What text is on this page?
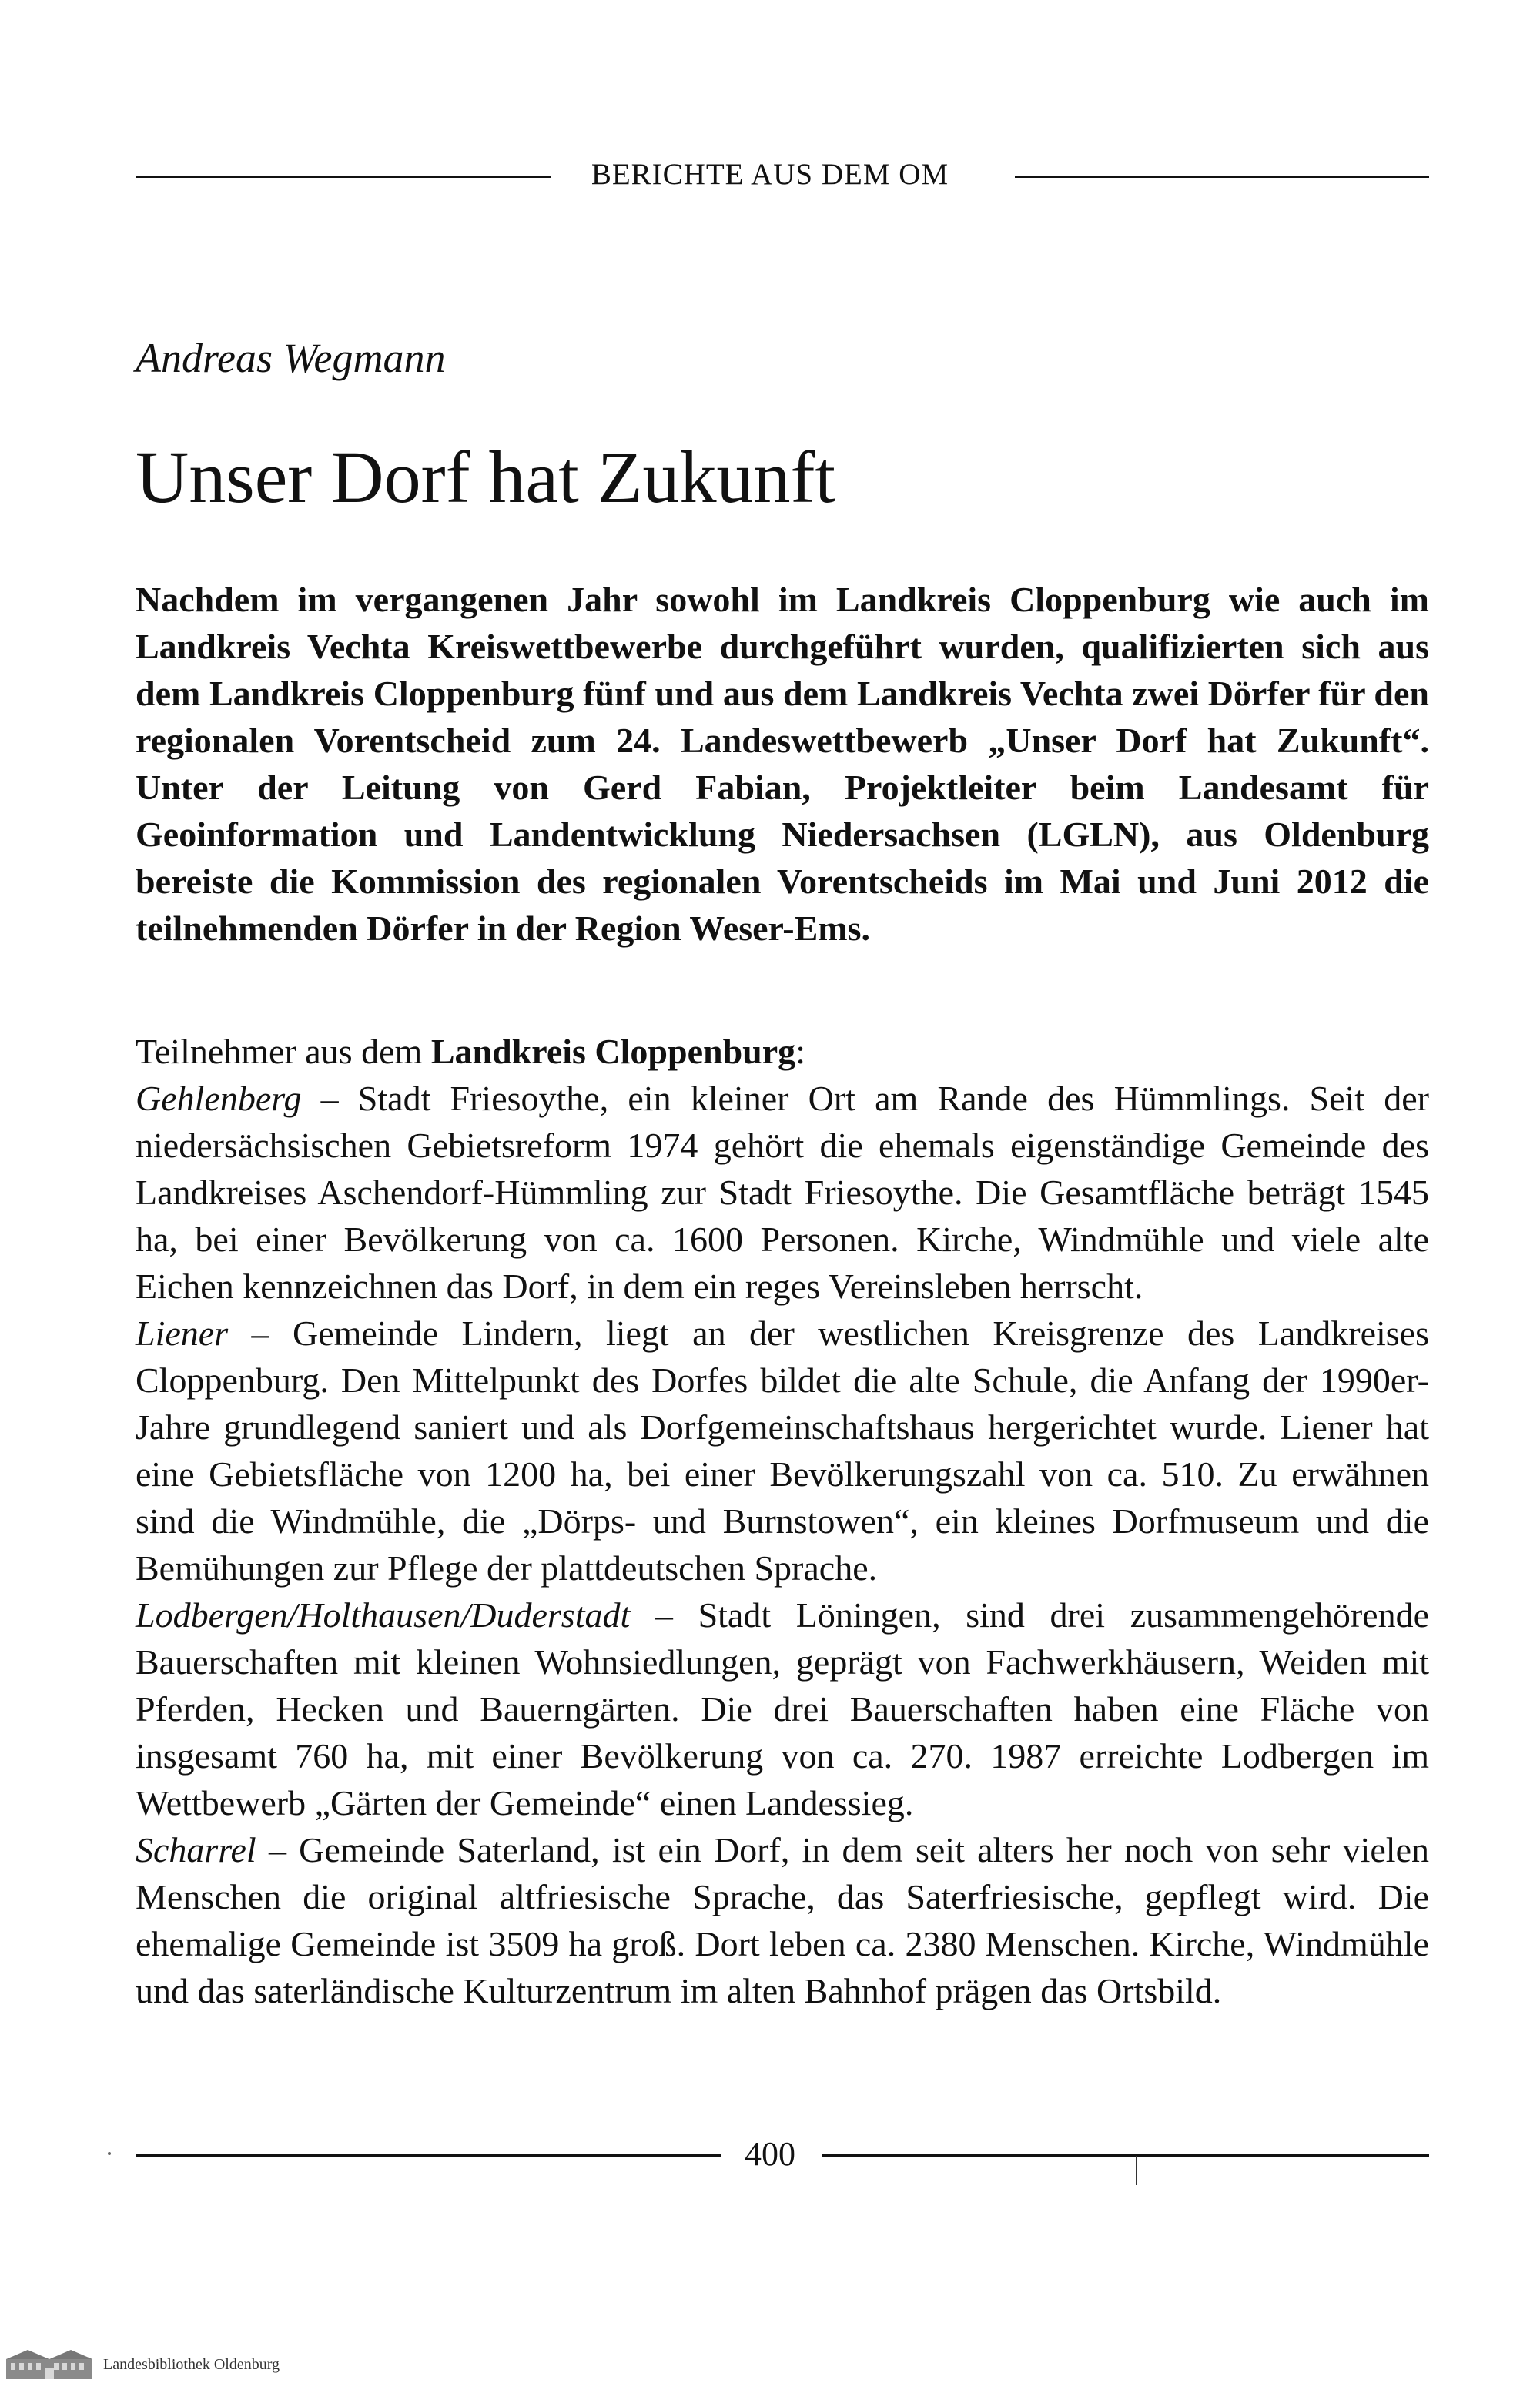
BERICHTE AUS DEM OM
Andreas Wegmann
Unser Dorf hat Zukunft

Nachdem im vergangenen Jahr sowohl im Landkreis Cloppenburg wie auch im Landkreis Vechta Kreiswettbewerbe durchgeführt wurden, qualifizierten sich aus dem Landkreis Cloppenburg fünf und aus dem Landkreis Vechta zwei Dörfer für den regionalen Vorentscheid zum 24. Landeswettbewerb „Unser Dorf hat Zukunft“. Unter der Leitung von Gerd Fabian, Projektleiter beim Landesamt für Geoinformation und Landentwicklung Niedersachsen (LGLN), aus Oldenburg bereiste die Kommission des regionalen Vorentscheids im Mai und Juni 2012 die teilnehmenden Dörfer in der Region Weser-Ems.

Teilnehmer aus dem Landkreis Cloppenburg:

Gehlenberg – Stadt Friesoythe, ein kleiner Ort am Rande des Hümmlings. Seit der niedersächsischen Gebietsreform 1974 gehört die ehemals eigenständige Gemeinde des Landkreises Aschendorf-Hümmling zur Stadt Friesoythe. Die Gesamtfläche beträgt 1545 ha, bei einer Bevölkerung von ca. 1600 Personen. Kirche, Windmühle und viele alte Eichen kennzeichnen das Dorf, in dem ein reges Vereinsleben herrscht.

Liener – Gemeinde Lindern, liegt an der westlichen Kreisgrenze des Landkreises Cloppenburg. Den Mittelpunkt des Dorfes bildet die alte Schule, die Anfang der 1990er-Jahre grundlegend saniert und als Dorfgemeinschaftshaus hergerichtet wurde. Liener hat eine Gebietsfläche von 1200 ha, bei einer Bevölkerungszahl von ca. 510. Zu erwähnen sind die Windmühle, die „Dörps- und Burnstowen“, ein kleines Dorfmuseum und die Bemühungen zur Pflege der plattdeutschen Sprache.

Lodbergen/Holthausen/Duderstadt – Stadt Löningen, sind drei zusammengehörende Bauerschaften mit kleinen Wohnsiedlungen, geprägt von Fachwerkhäusern, Weiden mit Pferden, Hecken und Bauerngärten. Die drei Bauerschaften haben eine Fläche von insgesamt 760 ha, mit einer Bevölkerung von ca. 270. 1987 erreichte Lodbergen im Wettbewerb „Gärten der Gemeinde“ einen Landessieg.

Scharrel – Gemeinde Saterland, ist ein Dorf, in dem seit alters her noch von sehr vielen Menschen die original altfriesische Sprache, das Saterfriesische, gepflegt wird. Die ehemalige Gemeinde ist 3509 ha groß. Dort leben ca. 2380 Menschen. Kirche, Windmühle und das saterländische Kulturzentrum im alten Bahnhof prägen das Ortsbild.

400
Landesbibliothek Oldenburg
